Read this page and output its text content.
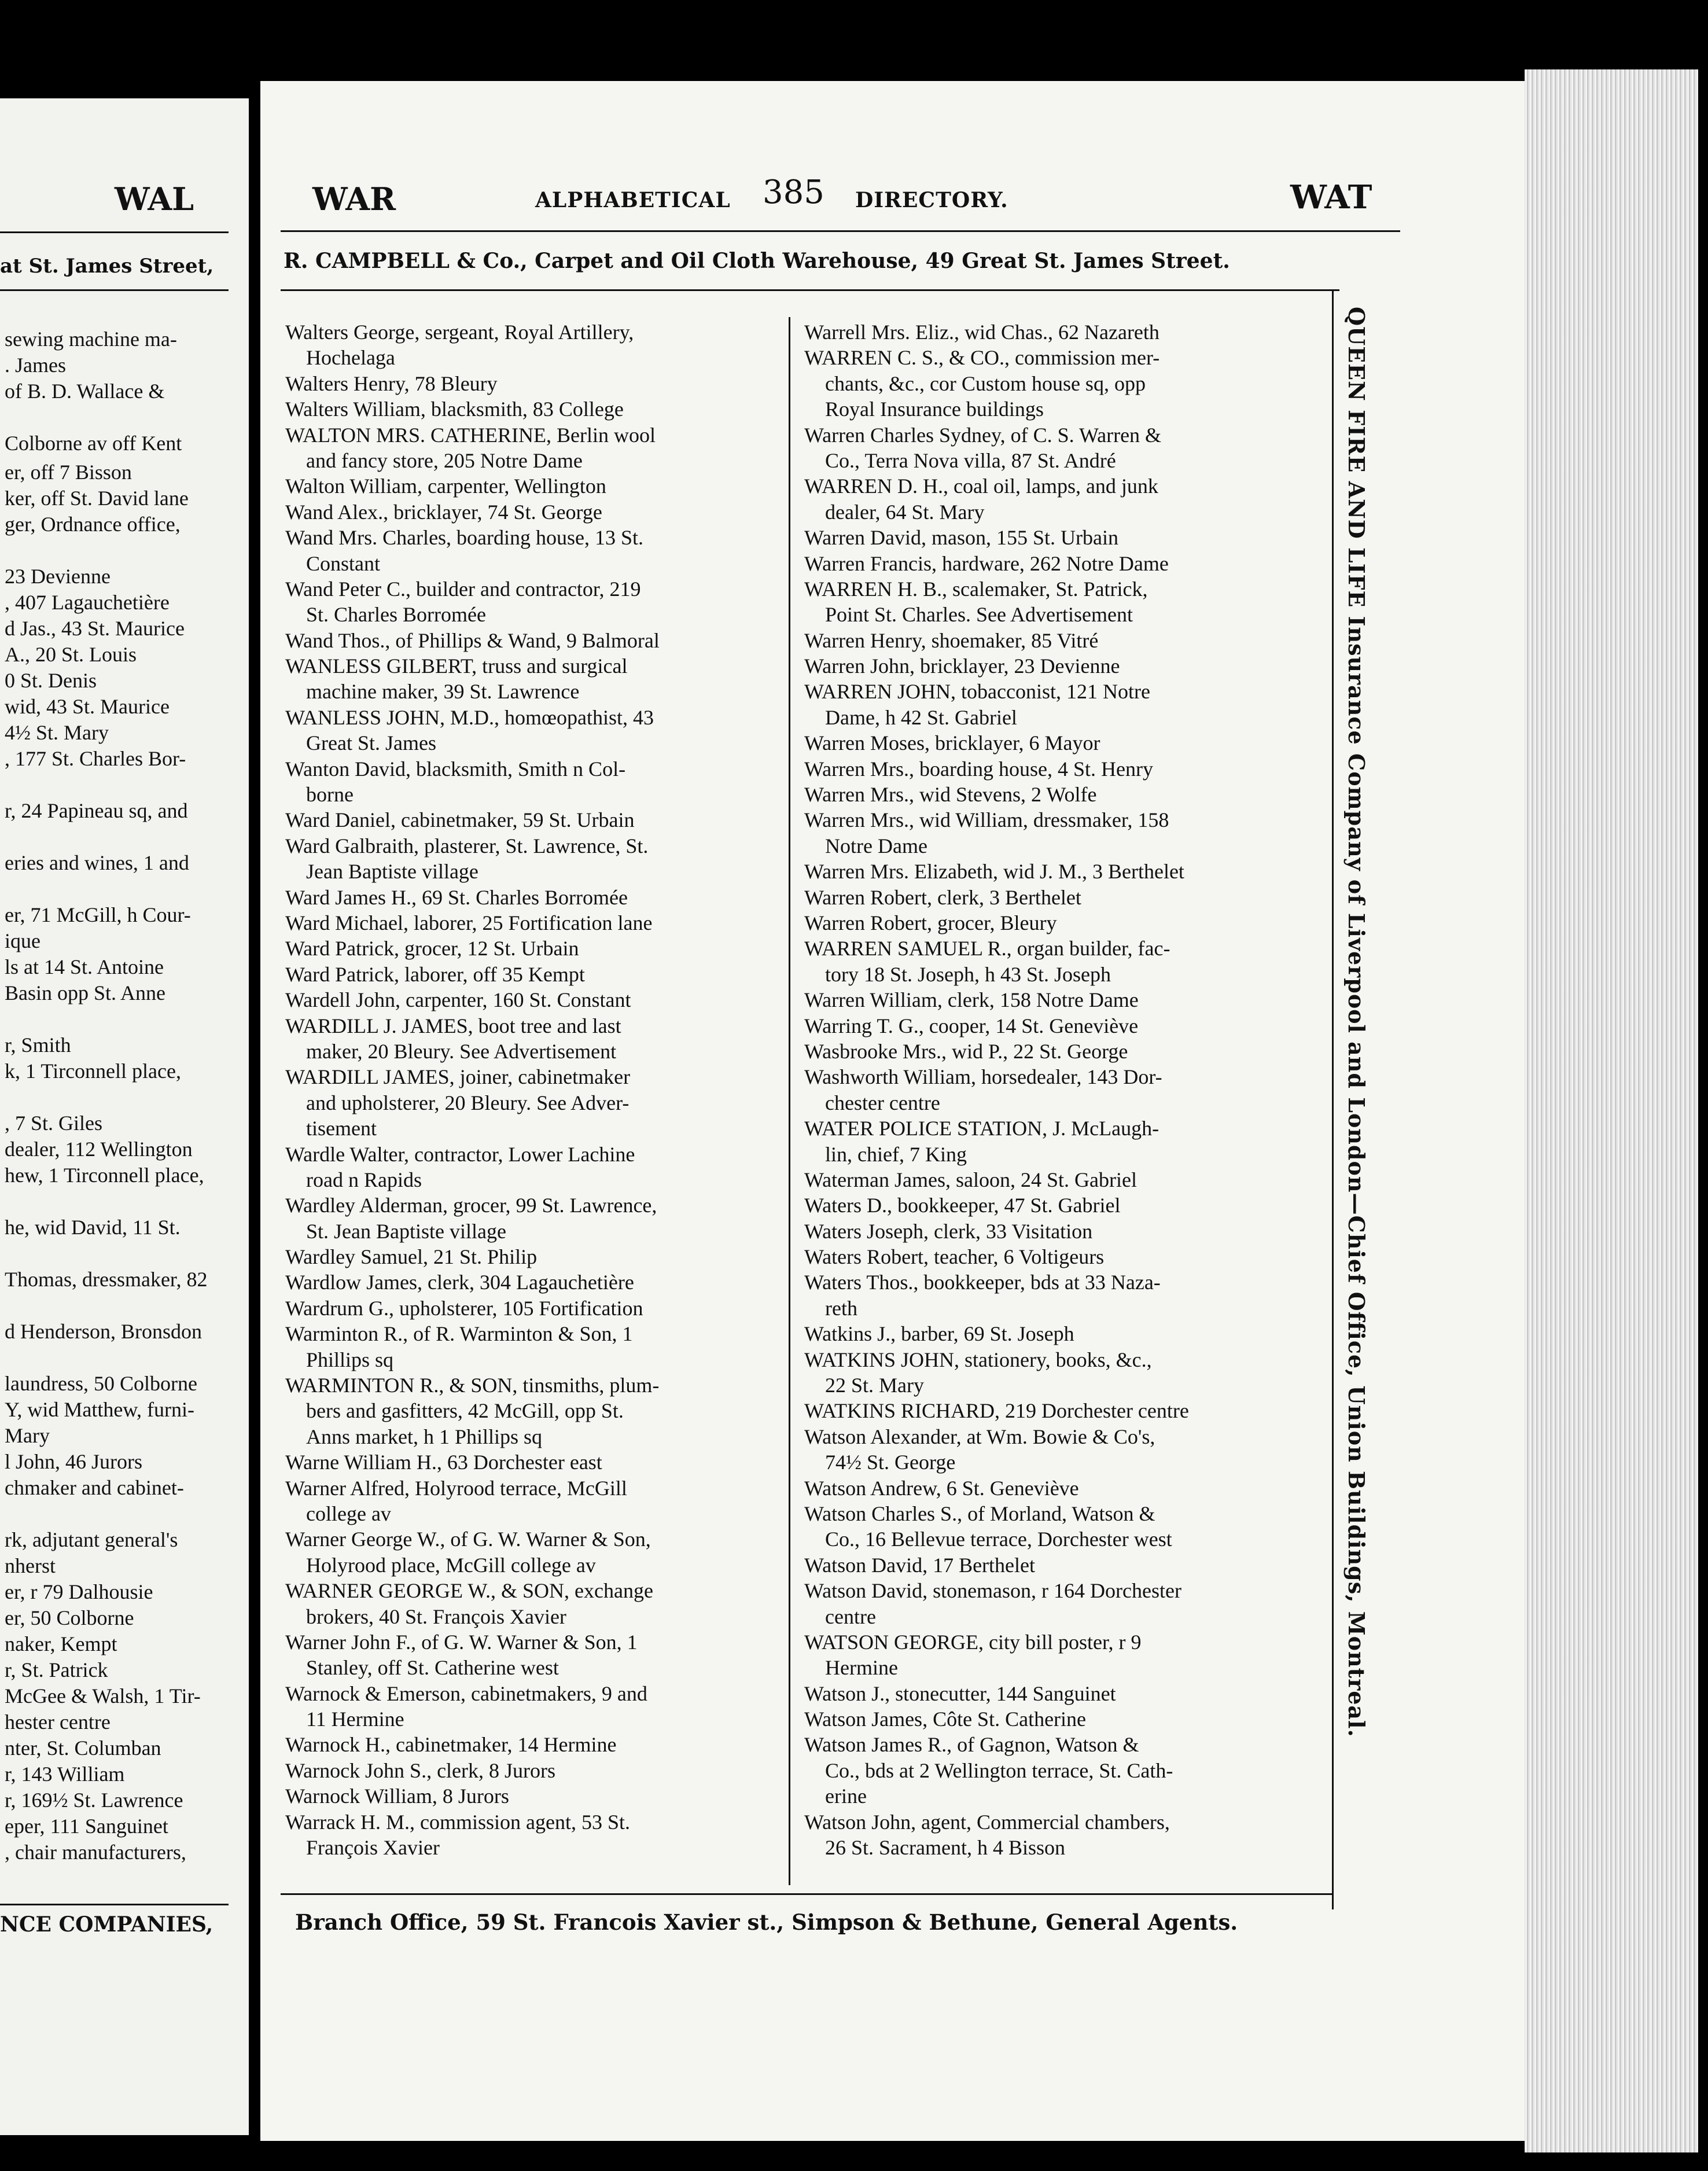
WAL
at St. James Street,
sewing machine ma-
. James
of B. D. Wallace &
Colborne av off Kent
er, off 7 Bisson
ker, off St. David lane
ger, Ordnance office,
23 Devienne
, 407 Lagauchetière
d Jas., 43 St. Maurice
A., 20 St. Louis
0 St. Denis
wid, 43 St. Maurice
4½ St. Mary
, 177 St. Charles Bor-
r, 24 Papineau sq, and
eries and wines, 1 and
er, 71 McGill, h Cour-
ique
ls at 14 St. Antoine
Basin opp St. Anne
r, Smith
k, 1 Tirconnell place,
, 7 St. Giles
dealer, 112 Wellington
hew, 1 Tirconnell place,
he, wid David, 11 St.
Thomas, dressmaker, 82
d Henderson, Bronsdon
laundress, 50 Colborne
Y, wid Matthew, furni-
Mary
l John, 46 Jurors
chmaker and cabinet-
rk, adjutant general's
nherst
er, r 79 Dalhousie
er, 50 Colborne
naker, Kempt
r, St. Patrick
McGee & Walsh, 1 Tir-
hester centre
nter, St. Columban
r, 143 William
r, 169½ St. Lawrence
eper, 111 Sanguinet
, chair manufacturers,
NCE COMPANIES,
WAR	ALPHABETICAL 385 DIRECTORY.	WAT
R. CAMPBELL & Co., Carpet and Oil Cloth Warehouse, 49 Great St. James Street.
QUEEN FIRE AND LIFE Insurance Company of Liverpool and London—Chief Office, Union Buildings, Montreal.
Walters George, sergeant, Royal Artillery,
Hochelaga
Walters Henry, 78 Bleury
Walters William, blacksmith, 83 College
WALTON MRS. CATHERINE, Berlin wool
and fancy store, 205 Notre Dame
Walton William, carpenter, Wellington
Wand Alex., bricklayer, 74 St. George
Wand Mrs. Charles, boarding house, 13 St.
Constant
Wand Peter C., builder and contractor, 219
St. Charles Borromée
Wand Thos., of Phillips & Wand, 9 Balmoral
WANLESS GILBERT, truss and surgical
machine maker, 39 St. Lawrence
WANLESS JOHN, M.D., homœopathist, 43
Great St. James
Wanton David, blacksmith, Smith n Col-
borne
Ward Daniel, cabinetmaker, 59 St. Urbain
Ward Galbraith, plasterer, St. Lawrence, St.
Jean Baptiste village
Ward James H., 69 St. Charles Borromée
Ward Michael, laborer, 25 Fortification lane
Ward Patrick, grocer, 12 St. Urbain
Ward Patrick, laborer, off 35 Kempt
Wardell John, carpenter, 160 St. Constant
WARDILL J. JAMES, boot tree and last
maker, 20 Bleury. See Advertisement
WARDILL JAMES, joiner, cabinetmaker
and upholsterer, 20 Bleury. See Adver-
tisement
Wardle Walter, contractor, Lower Lachine
road n Rapids
Wardley Alderman, grocer, 99 St. Lawrence,
St. Jean Baptiste village
Wardley Samuel, 21 St. Philip
Wardlow James, clerk, 304 Lagauchetière
Wardrum G., upholsterer, 105 Fortification
Warminton R., of R. Warminton & Son, 1
Phillips sq
WARMINTON R., & SON, tinsmiths, plum-
bers and gasfitters, 42 McGill, opp St.
Anns market, h 1 Phillips sq
Warne William H., 63 Dorchester east
Warner Alfred, Holyrood terrace, McGill
college av
Warner George W., of G. W. Warner & Son,
Holyrood place, McGill college av
WARNER GEORGE W., & SON, exchange
brokers, 40 St. François Xavier
Warner John F., of G. W. Warner & Son, 1
Stanley, off St. Catherine west
Warnock & Emerson, cabinetmakers, 9 and
11 Hermine
Warnock H., cabinetmaker, 14 Hermine
Warnock John S., clerk, 8 Jurors
Warnock William, 8 Jurors
Warrack H. M., commission agent, 53 St.
François Xavier
Warrell Mrs. Eliz., wid Chas., 62 Nazareth
WARREN C. S., & CO., commission mer-
chants, &c., cor Custom house sq, opp
Royal Insurance buildings
Warren Charles Sydney, of C. S. Warren &
Co., Terra Nova villa, 87 St. André
WARREN D. H., coal oil, lamps, and junk
dealer, 64 St. Mary
Warren David, mason, 155 St. Urbain
Warren Francis, hardware, 262 Notre Dame
WARREN H. B., scalemaker, St. Patrick,
Point St. Charles. See Advertisement
Warren Henry, shoemaker, 85 Vitré
Warren John, bricklayer, 23 Devienne
WARREN JOHN, tobacconist, 121 Notre
Dame, h 42 St. Gabriel
Warren Moses, bricklayer, 6 Mayor
Warren Mrs., boarding house, 4 St. Henry
Warren Mrs., wid Stevens, 2 Wolfe
Warren Mrs., wid William, dressmaker, 158
Notre Dame
Warren Mrs. Elizabeth, wid J. M., 3 Berthelet
Warren Robert, clerk, 3 Berthelet
Warren Robert, grocer, Bleury
WARREN SAMUEL R., organ builder, fac-
tory 18 St. Joseph, h 43 St. Joseph
Warren William, clerk, 158 Notre Dame
Warring T. G., cooper, 14 St. Geneviève
Wasbrooke Mrs., wid P., 22 St. George
Washworth William, horsedealer, 143 Dor-
chester centre
WATER POLICE STATION, J. McLaugh-
lin, chief, 7 King
Waterman James, saloon, 24 St. Gabriel
Waters D., bookkeeper, 47 St. Gabriel
Waters Joseph, clerk, 33 Visitation
Waters Robert, teacher, 6 Voltigeurs
Waters Thos., bookkeeper, bds at 33 Naza-
reth
Watkins J., barber, 69 St. Joseph
WATKINS JOHN, stationery, books, &c.,
22 St. Mary
WATKINS RICHARD, 219 Dorchester centre
Watson Alexander, at Wm. Bowie & Co's,
74½ St. George
Watson Andrew, 6 St. Geneviève
Watson Charles S., of Morland, Watson &
Co., 16 Bellevue terrace, Dorchester west
Watson David, 17 Berthelet
Watson David, stonemason, r 164 Dorchester
centre
WATSON GEORGE, city bill poster, r 9
Hermine
Watson J., stonecutter, 144 Sanguinet
Watson James, Côte St. Catherine
Watson James R., of Gagnon, Watson &
Co., bds at 2 Wellington terrace, St. Cath-
erine
Watson John, agent, Commercial chambers,
26 St. Sacrament, h 4 Bisson
Branch Office, 59 St. Francois Xavier st., Simpson & Bethune, General Agents.
